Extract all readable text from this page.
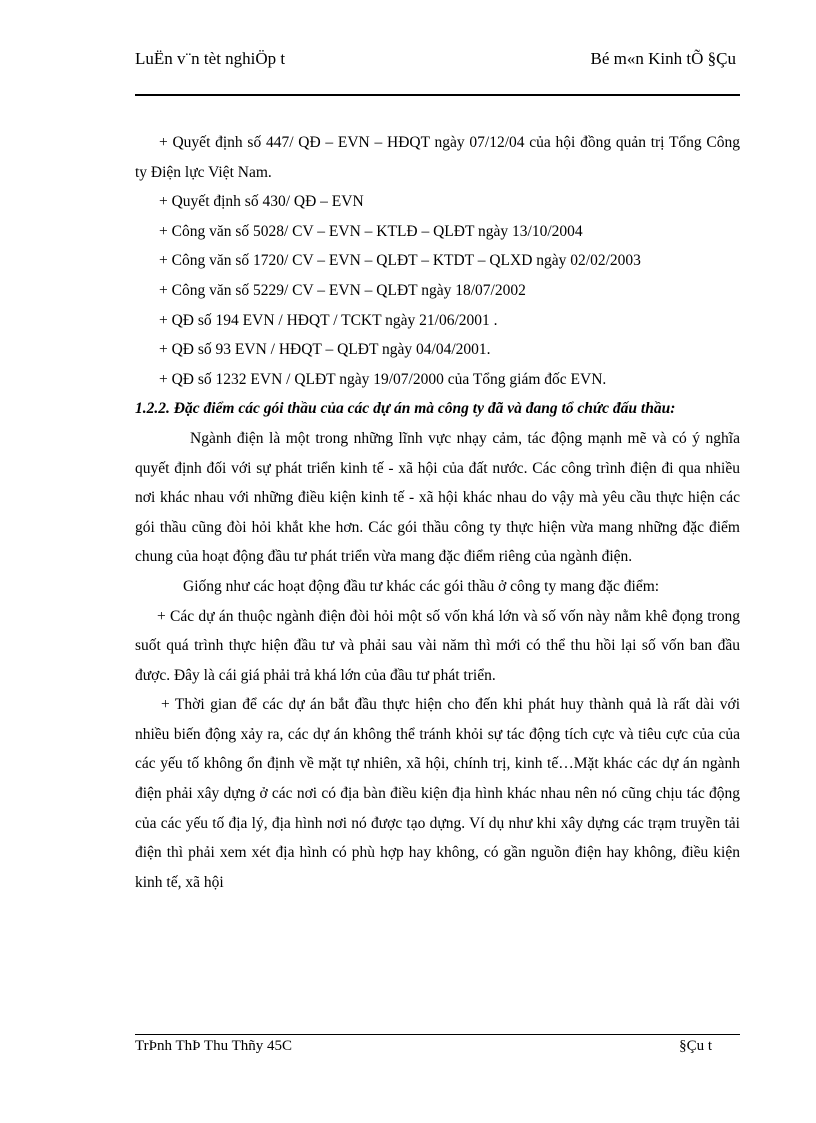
LuËn v¨n tèt nghiÖp t	Bé m«n Kinh tÕ §Çu

+ Quyết định số 447/ QĐ – EVN – HĐQT ngày 07/12/04 của hội đồng quản trị Tổng Công ty Điện lực Việt Nam.

+ Quyết định số 430/ QĐ – EVN

+ Công văn số 5028/ CV – EVN – KTLĐ – QLĐT ngày 13/10/2004

+ Công văn số 1720/ CV – EVN – QLĐT – KTDT – QLXD ngày 02/02/2003

+ Công văn số 5229/ CV – EVN – QLĐT ngày 18/07/2002

+ QĐ số 194 EVN / HĐQT / TCKT ngày 21/06/2001 .

+ QĐ số 93 EVN / HĐQT – QLĐT ngày 04/04/2001.

+ QĐ số 1232 EVN / QLĐT ngày 19/07/2000 của Tổng giám đốc EVN.

1.2.2. Đặc điểm các gói thầu của các dự án mà công ty đã và đang tổ chức đấu thầu:

Ngành điện là một trong những lĩnh vực nhạy cảm, tác động mạnh mẽ và có ý nghĩa quyết định đối với sự phát triển kinh tế - xã hội của đất nước. Các công trình điện đi qua nhiều nơi khác nhau với những điều kiện kinh tế - xã hội khác nhau do vậy mà yêu cầu thực hiện các gói thầu cũng đòi hỏi khắt khe hơn. Các gói thầu công ty thực hiện vừa mang những đặc điểm chung của hoạt động đầu tư phát triển vừa mang đặc điểm riêng của ngành điện.

Giống như các hoạt động đầu tư khác các gói thầu ở công ty mang đặc điểm:

+ Các dự án thuộc ngành điện đòi hỏi một số vốn khá lớn và số vốn này nằm khê đọng trong suốt quá trình thực hiện đầu tư và phải sau vài năm thì mới có thể thu hồi lại số vốn ban đầu được. Đây là cái giá phải trả khá lớn của đầu tư phát triển.

+ Thời gian để các dự án bắt đầu thực hiện cho đến khi phát huy thành quả là rất dài với nhiều biến động xảy ra, các dự án không thể tránh khỏi sự tác động tích cực và tiêu cực của của các yếu tố không ổn định về mặt tự nhiên, xã hội, chính trị, kinh tế…Mặt khác các dự án ngành điện phải xây dựng ở các nơi có địa bàn điều kiện địa hình khác nhau nên nó cũng chịu tác động của các yếu tố địa lý, địa hình nơi nó được tạo dựng. Ví dụ như khi xây dựng các trạm truyền tải điện thì phải xem xét địa hình có phù hợp hay không, có gần nguồn điện hay không, điều kiện kinh tế, xã hội

TrÞnh ThÞ Thu Thñy 45C	§Çu t
